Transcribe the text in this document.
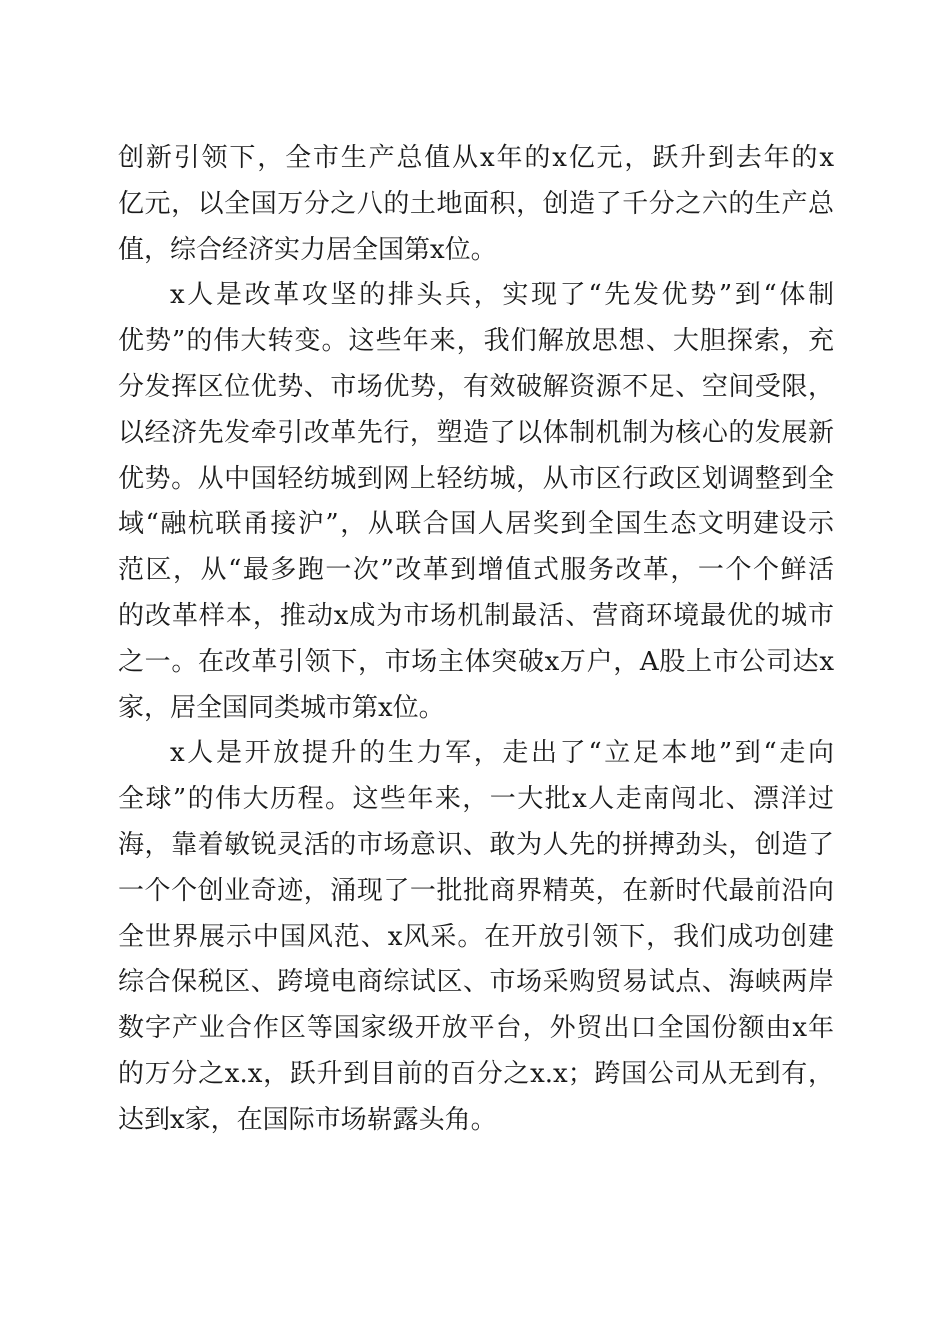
创新引领下，全市生产总值从x年的x亿元，跃升到去年的x
亿元，以全国万分之八的土地面积，创造了千分之六的生产总
值，综合经济实力居全国第x位。
x人是改革攻坚的排头兵，实现了“先发优势”到“体制
优势”的伟大转变。这些年来，我们解放思想、大胆探索，充
分发挥区位优势、市场优势，有效破解资源不足、空间受限，
以经济先发牵引改革先行，塑造了以体制机制为核心的发展新
优势。从中国轻纺城到网上轻纺城，从市区行政区划调整到全
域“融杭联甬接沪”，从联合国人居奖到全国生态文明建设示
范区，从“最多跑一次”改革到增值式服务改革，一个个鲜活
的改革样本，推动x成为市场机制最活、营商环境最优的城市
之一。在改革引领下，市场主体突破x万户，A股上市公司达x
家，居全国同类城市第x位。
x人是开放提升的生力军，走出了“立足本地”到“走向
全球”的伟大历程。这些年来，一大批x人走南闯北、漂洋过
海，靠着敏锐灵活的市场意识、敢为人先的拼搏劲头，创造了
一个个创业奇迹，涌现了一批批商界精英，在新时代最前沿向
全世界展示中国风范、x风采。在开放引领下，我们成功创建
综合保税区、跨境电商综试区、市场采购贸易试点、海峡两岸
数字产业合作区等国家级开放平台，外贸出口全国份额由x年
的万分之x.x，跃升到目前的百分之x.x；跨国公司从无到有，
达到x家，在国际市场崭露头角。
